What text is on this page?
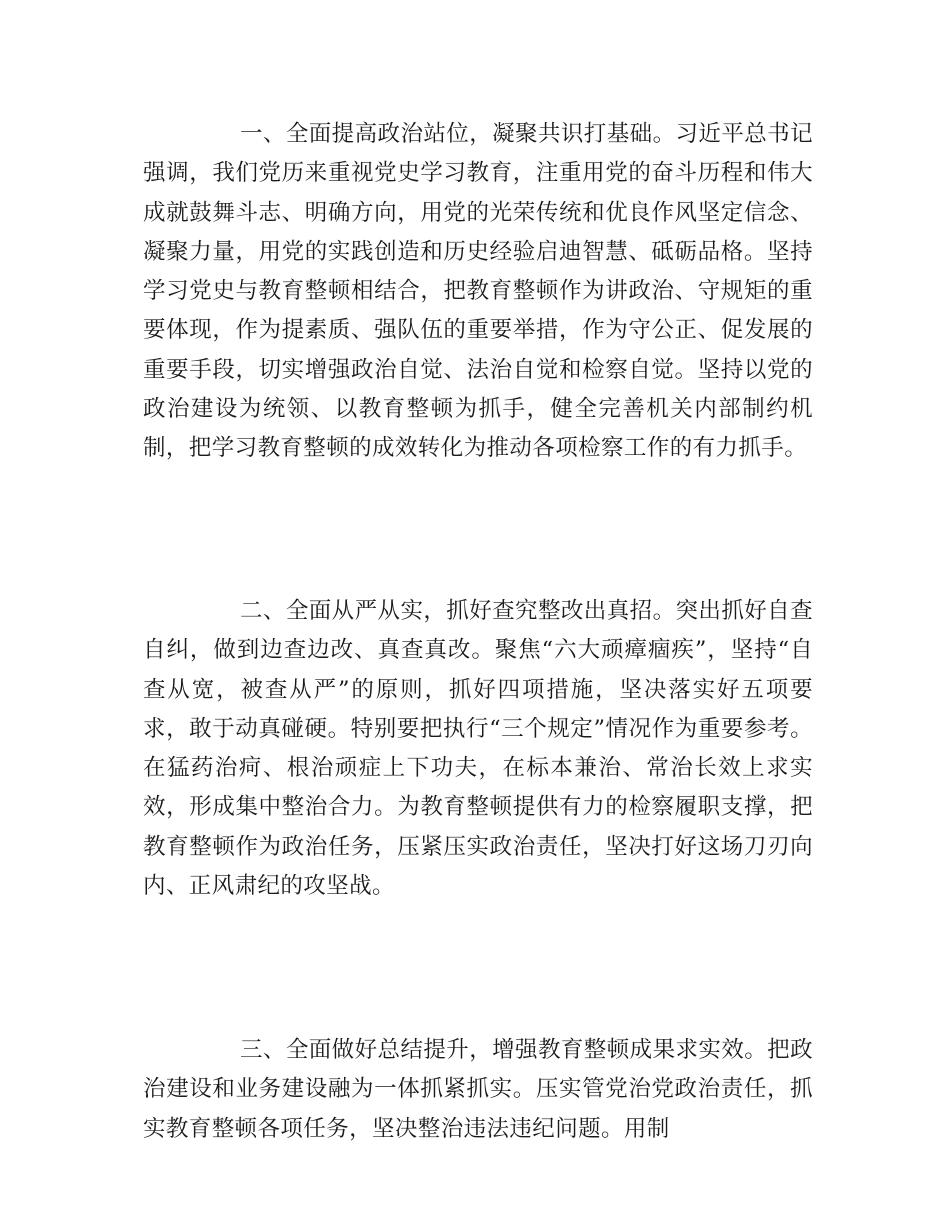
一、全面提高政治站位，凝聚共识打基础。习近平总书记强调，我们党历来重视党史学习教育，注重用党的奋斗历程和伟大成就鼓舞斗志、明确方向，用党的光荣传统和优良作风坚定信念、凝聚力量，用党的实践创造和历史经验启迪智慧、砥砺品格。坚持学习党史与教育整顿相结合，把教育整顿作为讲政治、守规矩的重要体现，作为提素质、强队伍的重要举措，作为守公正、促发展的重要手段，切实增强政治自觉、法治自觉和检察自觉。坚持以党的政治建设为统领、以教育整顿为抓手，健全完善机关内部制约机制，把学习教育整顿的成效转化为推动各项检察工作的有力抓手。

二、全面从严从实，抓好查究整改出真招。突出抓好自查自纠，做到边查边改、真查真改。聚焦“六大顽瘴痼疾”，坚持“自查从宽，被查从严”的原则，抓好四项措施，坚决落实好五项要求，敢于动真碰硬。特别要把执行“三个规定”情况作为重要参考。在猛药治疴、根治顽症上下功夫，在标本兼治、常治长效上求实效，形成集中整治合力。为教育整顿提供有力的检察履职支撑，把教育整顿作为政治任务，压紧压实政治责任，坚决打好这场刀刃向内、正风肃纪的攻坚战。

三、全面做好总结提升，增强教育整顿成果求实效。把政治建设和业务建设融为一体抓紧抓实。压实管党治党政治责任，抓实教育整顿各项任务，坚决整治违法违纪问题。用制
